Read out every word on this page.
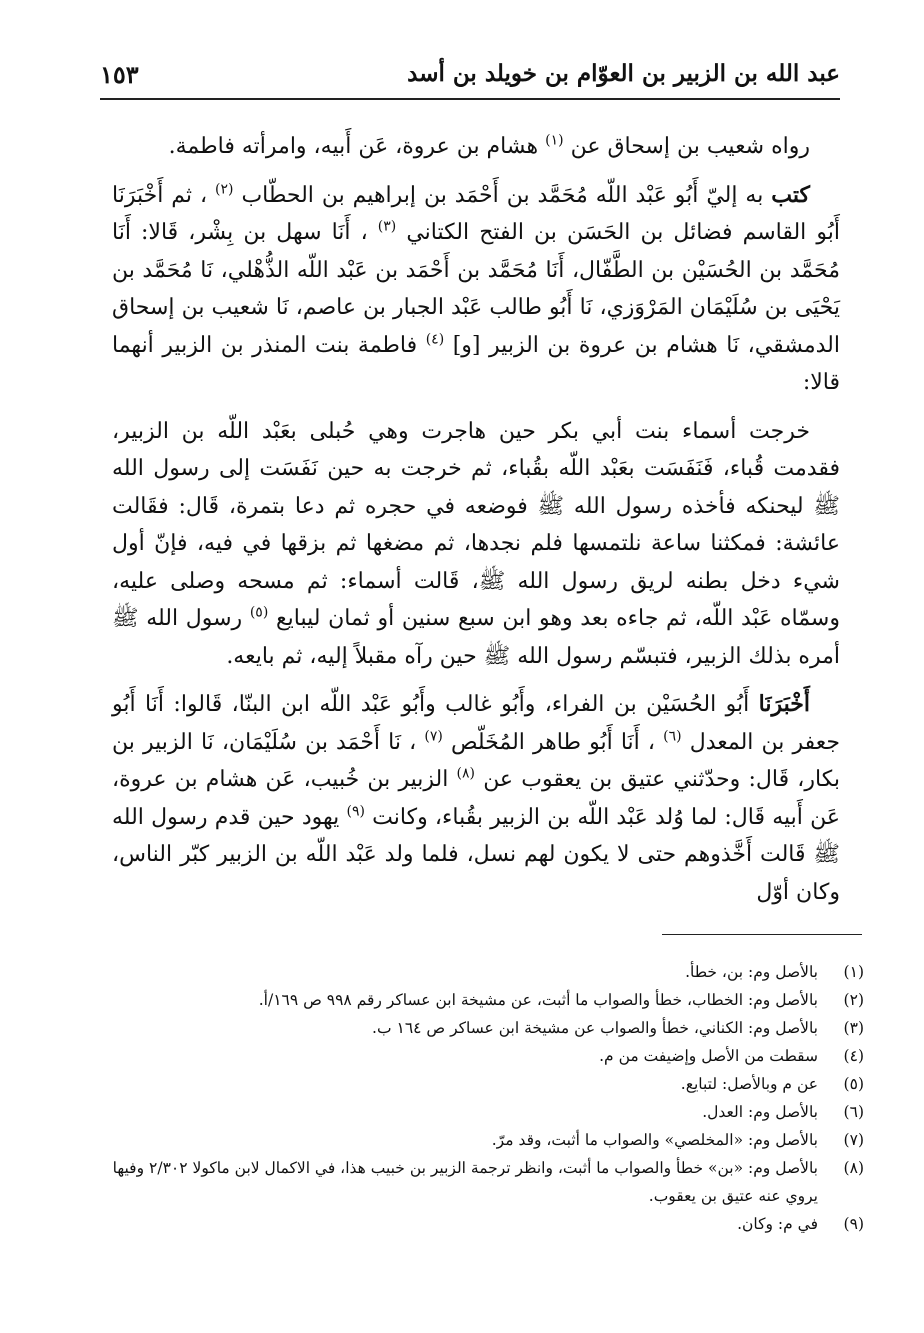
عبد الله بن الزبير بن العوّام بن خويلد بن أسد
١٥٣

رواه شعيب بن إسحاق عن $^{(١)}$ هشام بن عروة، عَن أَبيه، وامرأته فاطمة.

كتب به إليّ أَبُو عَبْد اللّه مُحَمَّد بن أَحْمَد بن إبراهيم بن الحطّاب $^{(٢)}$ ، ثم أَخْبَرَنَا أَبُو القاسم فضائل بن الحَسَن بن الفتح الكتاني $^{(٣)}$ ، أَنَا سهل بن بِشْر، قَالا: أَنَا مُحَمَّد بن الحُسَيْن بن الطَّفّال، أَنَا مُحَمَّد بن أَحْمَد بن عَبْد اللّه الذُّهْلي، نَا مُحَمَّد بن يَحْيَى بن سُلَيْمَان المَرْوَزي، نَا أَبُو طالب عَبْد الجبار بن عاصم، نَا شعيب بن إسحاق الدمشقي، نَا هشام بن عروة بن الزبير [و] $^{(٤)}$ فاطمة بنت المنذر بن الزبير أنهما قالا:

خرجت أسماء بنت أبي بكر حين هاجرت وهي حُبلى بعَبْد اللّه بن الزبير، فقدمت قُباء، فَنَفَسَت بعَبْد اللّه بقُباء، ثم خرجت به حين نَفَسَت إلى رسول الله ﷺ ليحنكه فأخذه رسول الله ﷺ فوضعه في حجره ثم دعا بتمرة، قَال: فقَالت عائشة: فمكثنا ساعة نلتمسها فلم نجدها، ثم مضغها ثم بزقها في فيه، فإنّ أول شيء دخل بطنه لريق رسول الله ﷺ، قَالت أسماء: ثم مسحه وصلى عليه، وسمّاه عَبْد اللّه، ثم جاءه بعد وهو ابن سبع سنين أو ثمان ليبايع $^{(٥)}$ رسول الله ﷺ أمره بذلك الزبير، فتبسّم رسول الله ﷺ حين رآه مقبلاً إليه، ثم بايعه.

أَخْبَرَنَا أَبُو الحُسَيْن بن الفراء، وأَبُو غالب وأَبُو عَبْد اللّه ابن البنّا، قَالوا: أَنَا أَبُو جعفر بن المعدل $^{(٦)}$ ، أَنَا أَبُو طاهر المُخَلّص $^{(٧)}$ ، نَا أَحْمَد بن سُلَيْمَان، نَا الزبير بن بكار، قَال: وحدّثني عتيق بن يعقوب عن $^{(٨)}$ الزبير بن خُبيب، عَن هشام بن عروة، عَن أَبيه قَال: لما وُلد عَبْد اللّه بن الزبير بقُباء، وكانت $^{(٩)}$ يهود حين قدم رسول الله ﷺ قَالت أَخَّذوهم حتى لا يكون لهم نسل، فلما ولد عَبْد اللّه بن الزبير كبّر الناس، وكان أوّل

(١)
بالأصل وم: بن، خطأ.
(٢)
بالأصل وم: الخطاب، خطأ والصواب ما أثبت، عن مشيخة ابن عساكر رقم ٩٩٨ ص ١٦٩/أ.
(٣)
بالأصل وم: الكناني، خطأ والصواب عن مشيخة ابن عساكر ص ١٦٤ ب.
(٤)
سقطت من الأصل وإضيفت من م.
(٥)
عن م وبالأصل: لتبايع.
(٦)
بالأصل وم: العدل.
(٧)
بالأصل وم: «المخلصي» والصواب ما أثبت، وقد مرّ.
(٨)
بالأصل وم: «بن» خطأ والصواب ما أثبت، وانظر ترجمة الزبير بن خبيب هذا، في الاكمال لابن ماكولا ٢/٣٠٢ وفيها يروي عنه عتيق بن يعقوب.
(٩)
في م: وكان.
